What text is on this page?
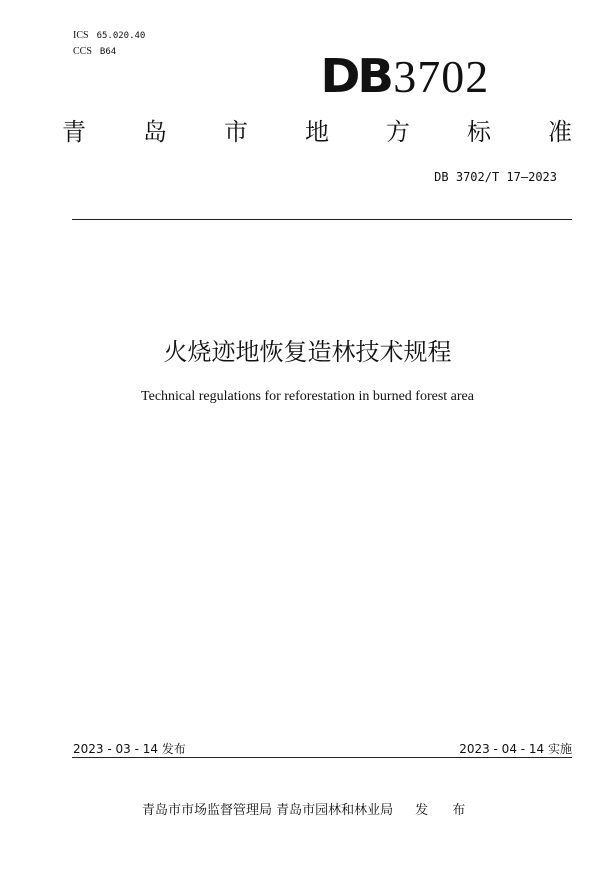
ICS 65.020.40
CCS B64	DB 3702
青 岛 市 地 方 标 准
DB 3702/T 17—2023
火烧迹地恢复造林技术规程
Technical regulations for reforestation in burned forest area
2023 - 03 - 14 发布	2023 - 04 - 14 实施
青岛市市场监督管理局 青岛市园林和林业局 发 布
